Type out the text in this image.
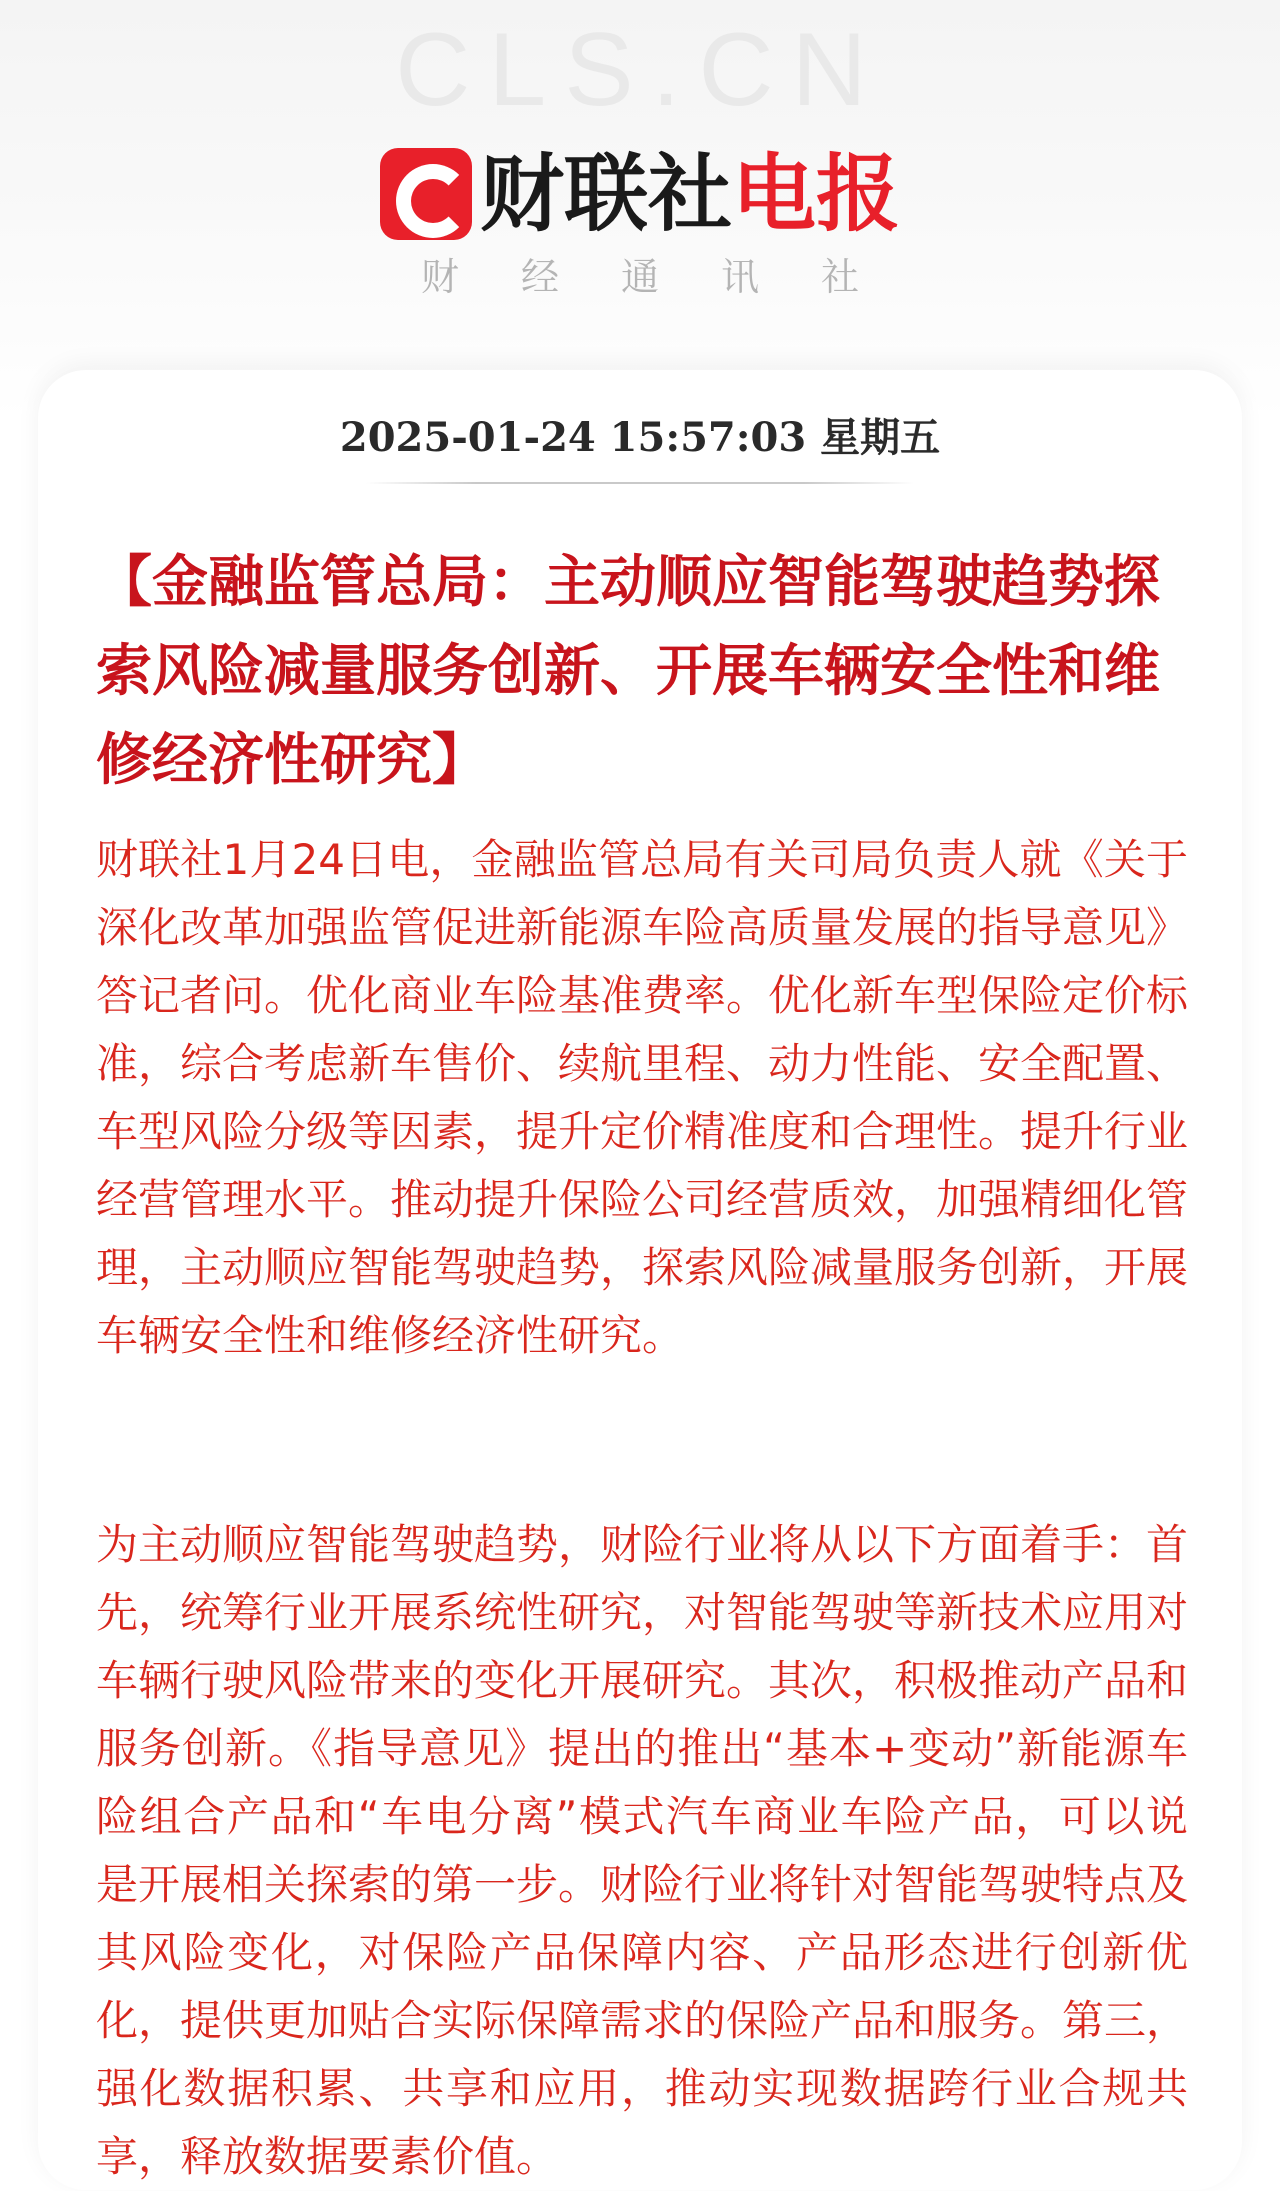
CLS.CN
财联社 电报
财经通讯社
2025-01-24 15:57:03 星期五
【金融监管总局：主动顺应智能驾驶趋势探索风险减量服务创新、开展车辆安全性和维修经济性研究】

财联社1月24日电，金融监管总局有关司局负责人就《关于深化改革加强监管促进新能源车险高质量发展的指导意见》答记者问。优化商业车险基准费率。优化新车型保险定价标准，综合考虑新车售价、续航里程、动力性能、安全配置、车型风险分级等因素，提升定价精准度和合理性。提升行业经营管理水平。推动提升保险公司经营质效，加强精细化管理，主动顺应智能驾驶趋势，探索风险减量服务创新，开展车辆安全性和维修经济性研究。

为主动顺应智能驾驶趋势，财险行业将从以下方面着手：首先，统筹行业开展系统性研究，对智能驾驶等新技术应用对车辆行驶风险带来的变化开展研究。其次，积极推动产品和服务创新。《指导意见》提出的推出“基本+变动”新能源车险组合产品和“车电分离”模式汽车商业车险产品，可以说是开展相关探索的第一步。财险行业将针对智能驾驶特点及其风险变化，对保险产品保障内容、产品形态进行创新优化，提供更加贴合实际保障需求的保险产品和服务。第三，强化数据积累、共享和应用，推动实现数据跨行业合规共享，释放数据要素价值。
